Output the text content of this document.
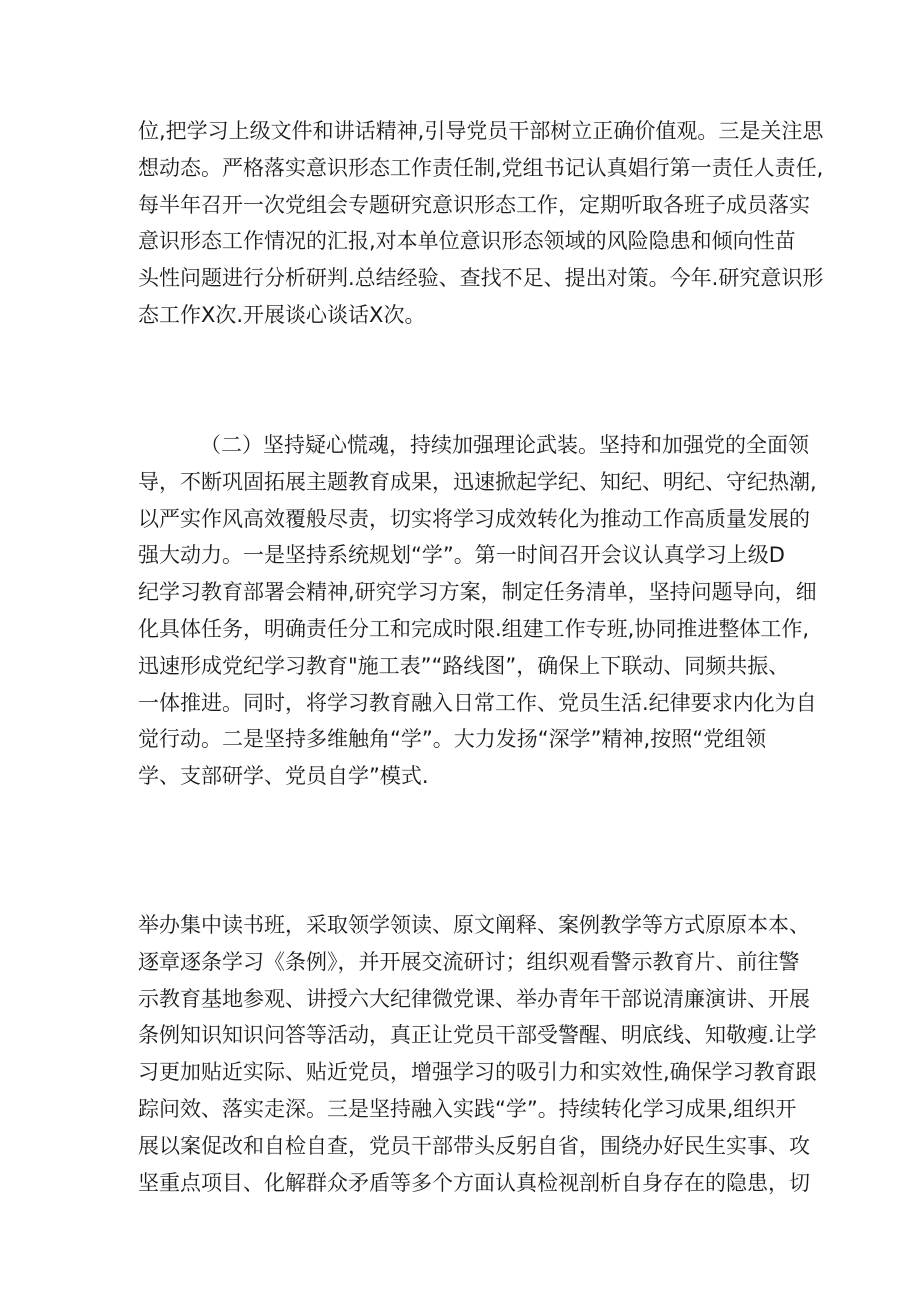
位,把学习上级文件和讲话精神,引导党员干部树立正确价值观。三是关注思
想动态。严格落实意识形态工作责任制,党组书记认真娼行第一责任人责任,
每半年召开一次党组会专题研究意识形态工作，定期听取各班子成员落实
意识形态工作情况的汇报,对本单位意识形态领域的风险隐患和倾向性苗
头性问题进行分析研判.总结经验、查找不足、提出对策。今年.研究意识形
态工作X次.开展谈心谈话X次。
（二）坚持疑心慌魂，持续加强理论武装。坚持和加强党的全面领
导，不断巩固拓展主题教育成果，迅速掀起学纪、知纪、明纪、守纪热潮,
以严实作风高效覆般尽责，切实将学习成效转化为推动工作高质量发展的
强大动力。一是坚持系统规划“学”。第一时间召开会议认真学习上级D
纪学习教育部署会精神,研究学习方案，制定任务清单，坚持问题导向，细
化具体任务，明确责任分工和完成时限.组建工作专班,协同推进整体工作,
迅速形成党纪学习教育"施工表”“路线图”，确保上下联动、同频共振、
一体推进。同时，将学习教育融入日常工作、党员生活.纪律要求内化为自
觉行动。二是坚持多维触角“学”。大力发扬“深学”精神,按照“党组领
学、支部研学、党员自学”模式.
举办集中读书班，采取领学领读、原文阐释、案例教学等方式原原本本、
逐章逐条学习《条例》，并开展交流研讨；组织观看警示教育片、前往警
示教育基地参观、讲授六大纪律微党课、举办青年干部说清廉演讲、开展
条例知识知识问答等活动，真正让党员干部受警醒、明底线、知敬瘦.让学
习更加贴近实际、贴近党员，增强学习的吸引力和实效性,确保学习教育跟
踪问效、落实走深。三是坚持融入实践“学”。持续转化学习成果,组织开
展以案促改和自检自查，党员干部带头反躬自省，围绕办好民生实事、攻
坚重点项目、化解群众矛盾等多个方面认真检视剖析自身存在的隐患，切
